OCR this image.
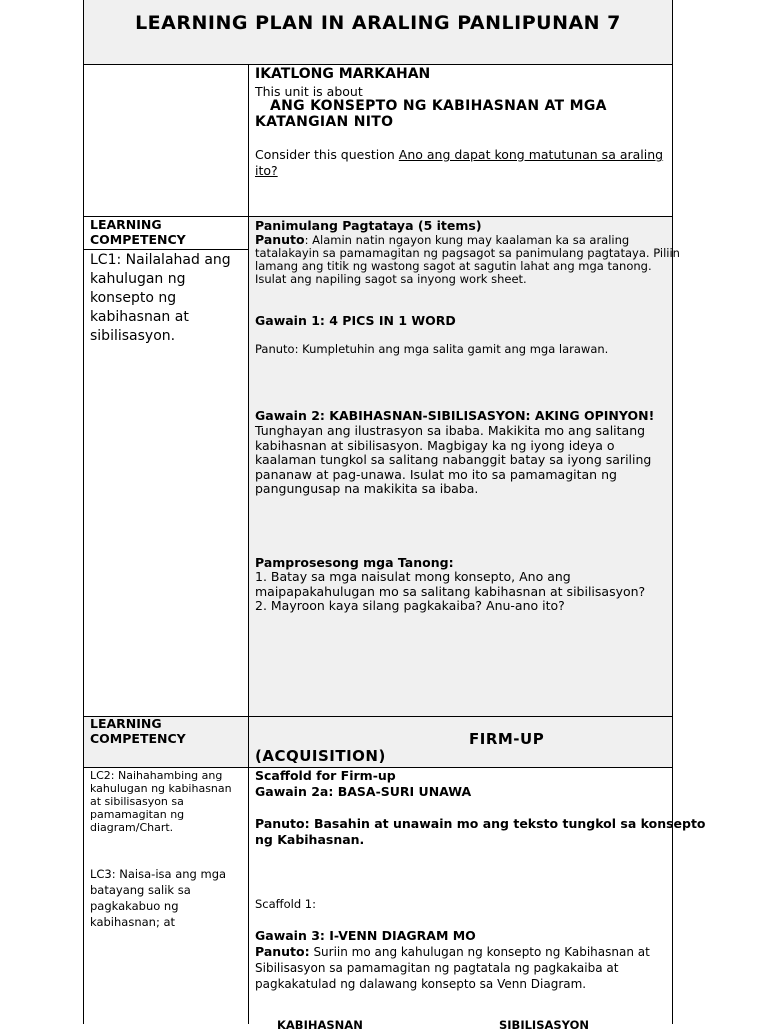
LEARNING PLAN IN ARALING PANLIPUNAN 7
IKATLONG MARKAHAN
This unit is about
ANG KONSEPTO NG KABIHASNAN AT MGA
KATANGIAN NITO
Consider this question Ano ang dapat kong matutunan sa araling
ito?
LEARNING
COMPETENCY
LC1: Nailalahad ang
kahulugan ng
konsepto ng
kabihasnan at
sibilisasyon.
Panimulang Pagtataya (5 items)
Panuto: Alamin natin ngayon kung may kaalaman ka sa araling
tatalakayin sa pamamagitan ng pagsagot sa panimulang pagtataya. Piliin
lamang ang titik ng wastong sagot at sagutin lahat ang mga tanong.
Isulat ang napiling sagot sa inyong work sheet.
Gawain 1: 4 PICS IN 1 WORD
Panuto: Kumpletuhin ang mga salita gamit ang mga larawan.
Gawain 2: KABIHASNAN-SIBILISASYON: AKING OPINYON!
Tunghayan ang ilustrasyon sa ibaba. Makikita mo ang salitang
kabihasnan at sibilisasyon. Magbigay ka ng iyong ideya o
kaalaman tungkol sa salitang nabanggit batay sa iyong sariling
pananaw at pag-unawa. Isulat mo ito sa pamamagitan ng
pangungusap na makikita sa ibaba.
Pamprosesong mga Tanong:
1. Batay sa mga naisulat mong konsepto, Ano ang
maipapakahulugan mo sa salitang kabihasnan at sibilisasyon?
2. Mayroon kaya silang pagkakaiba? Anu-ano ito?
LEARNING
COMPETENCY	FIRM-UP
(ACQUISITION)
LC2: Naihahambing ang
kahulugan ng kabihasnan
at sibilisasyon sa
pamamagitan ng
diagram/Chart.
LC3: Naisa-isa ang mga
batayang salik sa
pagkakabuo ng
kabihasnan; at
Scaffold for Firm-up
Gawain 2a: BASA-SURI UNAWA
Panuto: Basahin at unawain mo ang teksto tungkol sa konsepto
ng Kabihasnan.
Scaffold 1:
Gawain 3: I-VENN DIAGRAM MO
Panuto: Suriin mo ang kahulugan ng konsepto ng Kabihasnan at
Sibilisasyon sa pamamagitan ng pagtatala ng pagkakaiba at
pagkakatulad ng dalawang konsepto sa Venn Diagram.
KABIHASNAN	SIBILISASYON
